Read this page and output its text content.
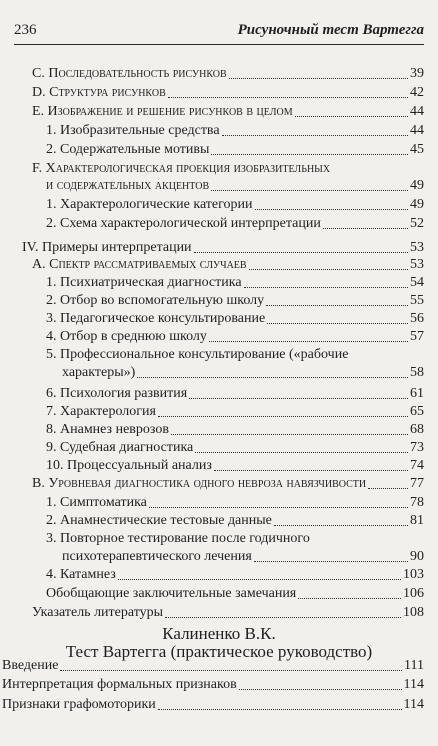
236	Рисуночный тест Вартегга
C. Последовательность рисунков	39
D. Структура рисунков	42
E. Изображение и решение рисунков в целом	44
1. Изобразительные средства	44
2. Содержательные мотивы	45
F. Характерологическая проекция изобразительных
и содержательных акцентов	49
1. Характерологические категории	49
2. Схема характерологической интерпретации	52
IV. Примеры интерпретации	53
A. Спектр рассматриваемых случаев	53
1. Психиатрическая диагностика	54
2. Отбор во вспомогательную школу	55
3. Педагогическое консультирование	56
4. Отбор в среднюю школу	57
5. Профессиональное консультирование («рабочие
характеры»)	58
6. Психология развития	61
7. Характерология	65
8. Анамнез неврозов	68
9. Судебная диагностика	73
10. Процессуальный анализ	74
B. Уровневая диагностика одного невроза навязчивости	77
1. Симптоматика	78
2. Анамнестические тестовые данные	81
3. Повторное тестирование после годичного
психотерапевтического лечения	90
4. Катамнез	103
Обобщающие заключительные замечания	106
Указатель литературы	108
Калиненко В.К.
Тест Вартегга (практическое руководство)
Введение	111
Интерпретация формальных признаков	114
Признаки графомоторики	114
